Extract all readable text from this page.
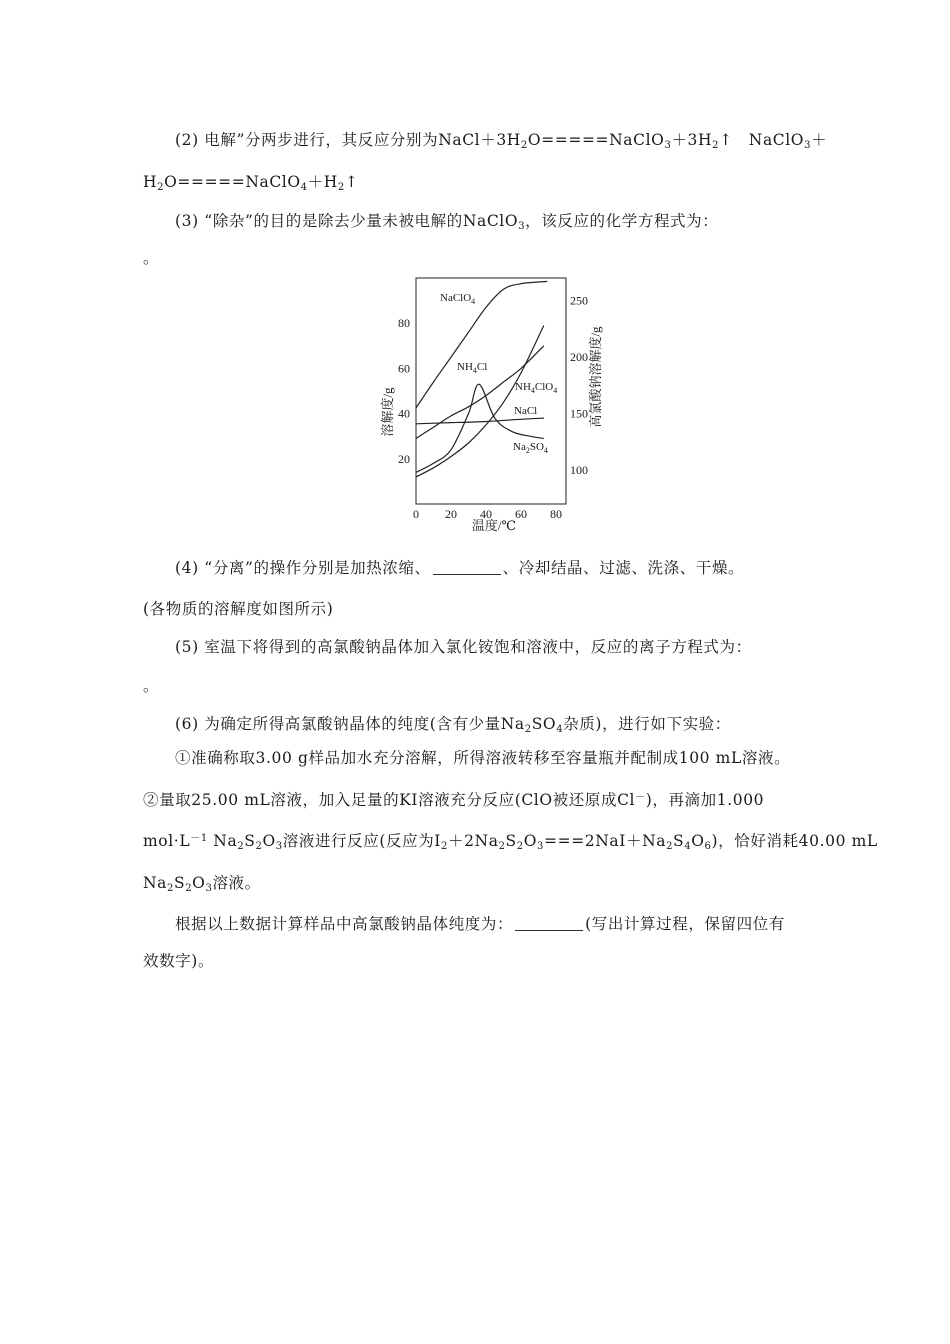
(2) 电解”分两步进行，其反应分别为$NaCl+3H_2O=====NaClO_3+3H_2↑$　NaClO$_3$＋
$H_2O=====NaClO_4+H_2↑$
(3) “除杂”的目的是除去少量未被电解的NaClO$_3$，该反应的化学方程式为：
。
0 20 40 60 80
20
40
60
80
100
150
200
250
溶解度/g	高氯酸钠溶解度/g
温度/℃
NaClO$_4$
$NH_4Cl$
$NH_4ClO_4$
NaCl
$Na_2SO_4$
(4) “分离”的操作分别是加热浓缩、	、冷却结晶、过滤、洗涤、干燥。
(各物质的溶解度如图所示)
(5) 室温下将得到的高氯酸钠晶体加入氯化铵饱和溶液中，反应的离子方程式为：
。
(6) 为确定所得高氯酸钠晶体的纯度(含有少量$Na_2SO_4$杂质)，进行如下实验：
①准确称取3.00 g样品加水充分溶解，所得溶液转移至容量瓶并配制成100 mL溶液。
②量取25.00 mL溶液，加入足量的KI溶液充分反应(ClO被还原成Cl－)，再滴加1.000
$mol\cdot L^{-1}$ $Na_2S_2O_3$溶液进行反应(反应为$I_2+2Na_2S_2O_3===2NaI+Na_2S_4O_6$)，恰好消耗40.00 mL
$Na_2S_2O_3$溶液。
根据以上数据计算样品中高氯酸钠晶体纯度为：	(写出计算过程，保留四位有
效数字)。
